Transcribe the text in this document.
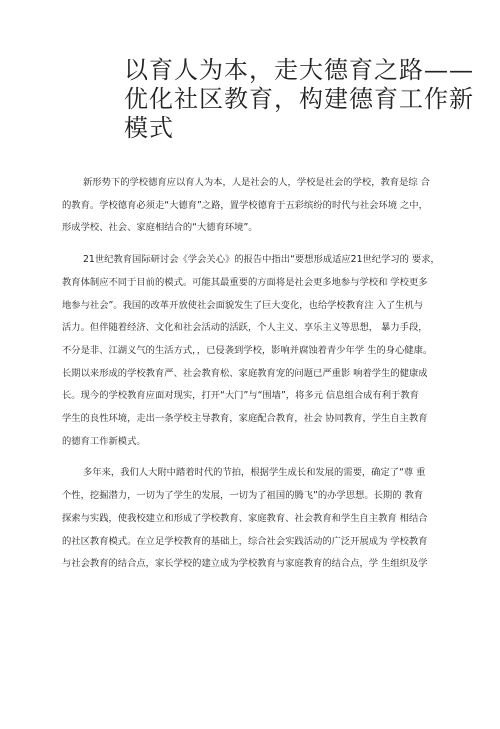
以育人为本，走大德育之路——
优化社区教育，构建德育工作新
模式
新形势下的学校德育应以育人为本，人是社会的人，学校是社会的学校，教育是综 合
的教育。学校德育必须走“大德育”之路，置学校德育于五彩缤纷的时代与社会环境 之中，
形成学校、社会、家庭相结合的“大德育环境”。
21世纪教育国际研讨会《学会关心》的报告中指出“要想形成适应21世纪学习的 要求，
教育体制应不同于目前的模式。可能其最重要的方面将是社会更多地参与学校和 学校更多
地参与社会”。我国的改革开放使社会面貌发生了巨大变化，也给学校教育注 入了生机与
活力。但伴随着经济、文化和社会活动的活跃，个人主义、享乐主义等思想， 暴力手段，
不分是非、江湖义气的生活方式，，已侵袭到学校，影响并腐蚀着青少年学 生的身心健康。
长期以来形成的学校教育严、社会教育松、家庭教育宠的问题已严重影 响着学生的健康成
长。现今的学校教育应面对现实，打开“大门”与“围墙”，将多元 信息组合成有利于教育
学生的良性环境，走出一条学校主导教育，家庭配合教育，社会 协同教育，学生自主教育
的德育工作新模式。
多年来，我们人大附中踏着时代的节拍，根据学生成长和发展的需要，确定了“尊 重
个性，挖掘潜力，一切为了学生的发展，一切为了祖国的腾飞”的办学思想。长期的 教育
探索与实践，使我校建立和形成了学校教育、家庭教育、社会教育和学生自主教育 相结合
的社区教育模式。在立足学校教育的基础上，综合社会实践活动的广泛开展成为 学校教育
与社会教育的结合点，家长学校的建立成为学校教育与家庭教育的结合点，学 生组织及学
